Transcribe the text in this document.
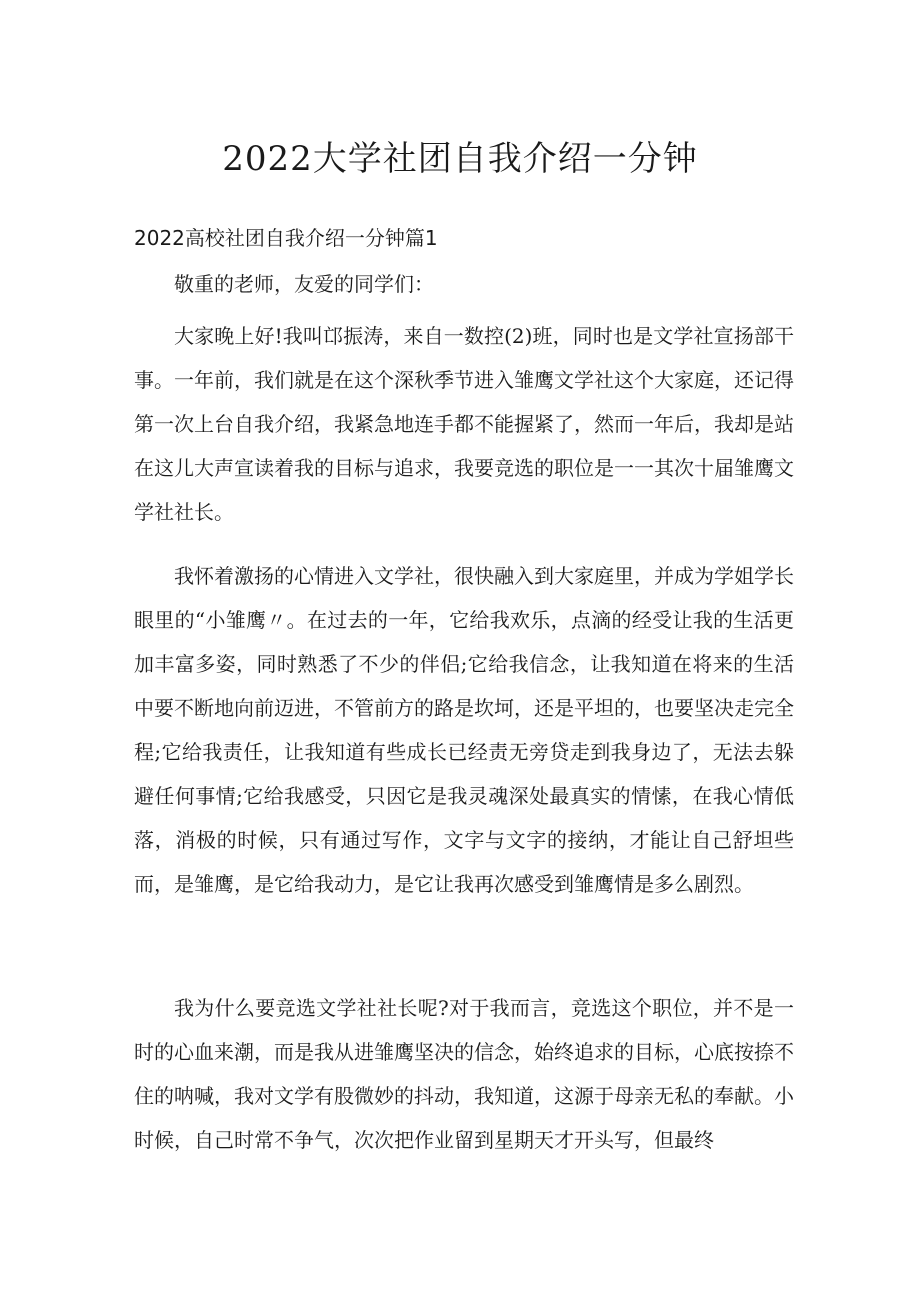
2022大学社团自我介绍一分钟
2022高校社团自我介绍一分钟篇1

敬重的老师，友爱的同学们：

大家晚上好!我叫邙振涛，来自一数控(2)班，同时也是文学社宣扬部干事。一年前，我们就是在这个深秋季节进入雏鹰文学社这个大家庭，还记得第一次上台自我介绍，我紧急地连手都不能握紧了，然而一年后，我却是站在这儿大声宣读着我的目标与追求，我要竞选的职位是一一其次十届雏鹰文学社社长。

我怀着激扬的心情进入文学社，很快融入到大家庭里，并成为学姐学长眼里的“小雏鹰〃。在过去的一年，它给我欢乐，点滴的经受让我的生活更加丰富多姿，同时熟悉了不少的伴侣;它给我信念，让我知道在将来的生活中要不断地向前迈进，不管前方的路是坎坷，还是平坦的，也要坚决走完全程;它给我责任，让我知道有些成长已经责无旁贷走到我身边了，无法去躲避任何事情;它给我感受，只因它是我灵魂深处最真实的情愫，在我心情低落，消极的时候，只有通过写作，文字与文字的接纳，才能让自己舒坦些而，是雏鹰，是它给我动力，是它让我再次感受到雏鹰情是多么剧烈。

我为什么要竞选文学社社长呢?对于我而言，竞选这个职位，并不是一时的心血来潮，而是我从进雏鹰坚决的信念，始终追求的目标，心底按捺不住的呐喊，我对文学有股微妙的抖动，我知道，这源于母亲无私的奉献。小时候，自己时常不争气，次次把作业留到星期天才开头写，但最终
